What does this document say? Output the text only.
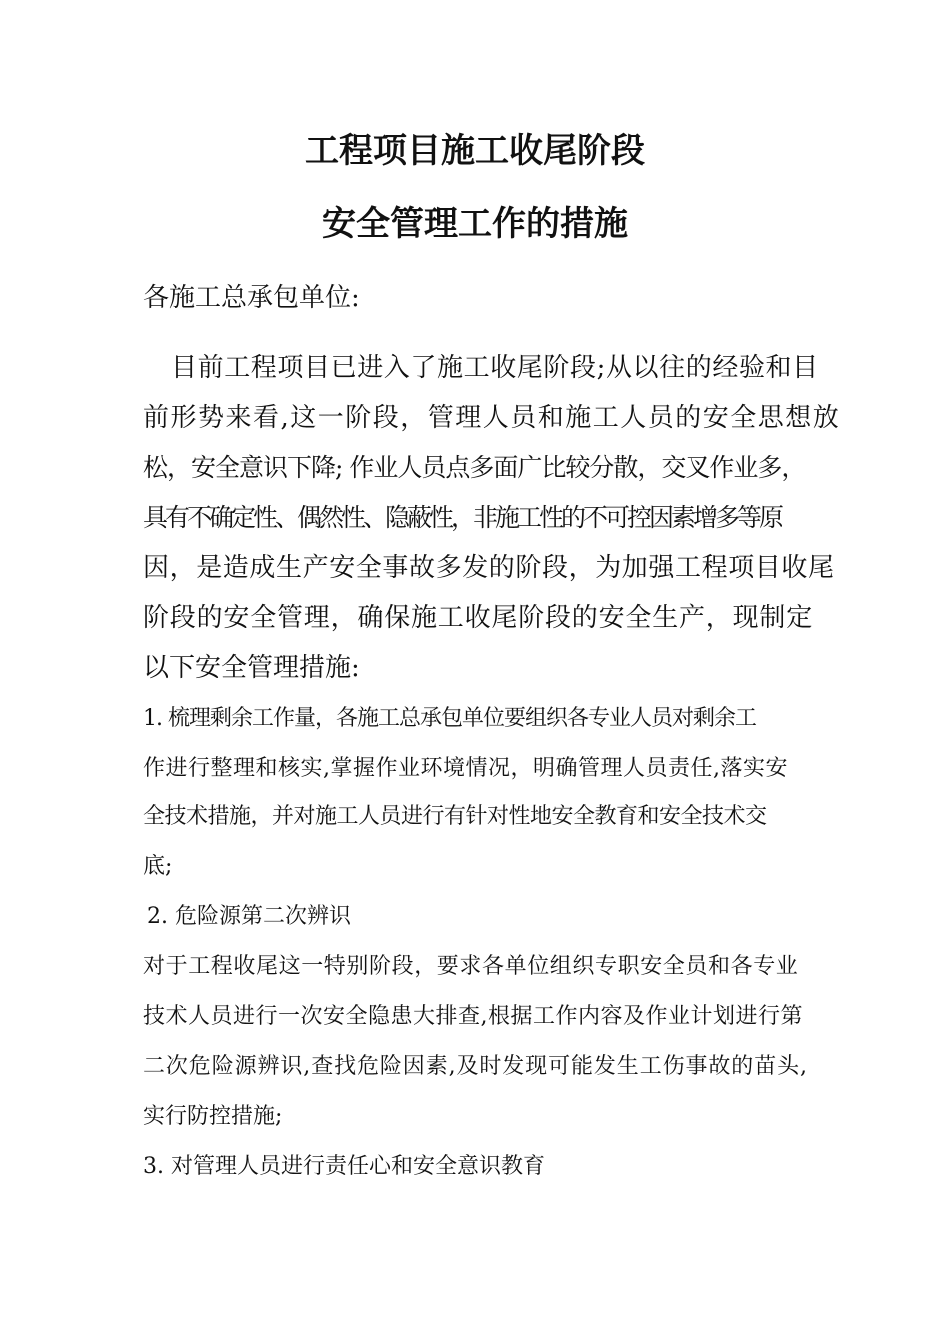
工程项目施工收尾阶段
安全管理工作的措施

各施工总承包单位:

目前工程项目已进入了施工收尾阶段;从以往的经验和目

前形势来看,这一阶段，管理人员和施工人员的安全思想放

松，安全意识下降; 作业人员点多面广比较分散，交叉作业多，

具有不确定性、偶然性、隐蔽性，非施工性的不可控因素增多等原

因，是造成生产安全事故多发的阶段，为加强工程项目收尾

阶段的安全管理，确保施工收尾阶段的安全生产，现制定

以下安全管理措施:

1. 梳理剩余工作量，各施工总承包单位要组织各专业人员对剩余工

作进行整理和核实,掌握作业环境情况，明确管理人员责任,落实安

全技术措施，并对施工人员进行有针对性地安全教育和安全技术交

底;

2. 危险源第二次辨识

对于工程收尾这一特别阶段，要求各单位组织专职安全员和各专业

技术人员进行一次安全隐患大排查,根据工作内容及作业计划进行第

二次危险源辨识,查找危险因素,及时发现可能发生工伤事故的苗头,

实行防控措施;

3. 对管理人员进行责任心和安全意识教育
